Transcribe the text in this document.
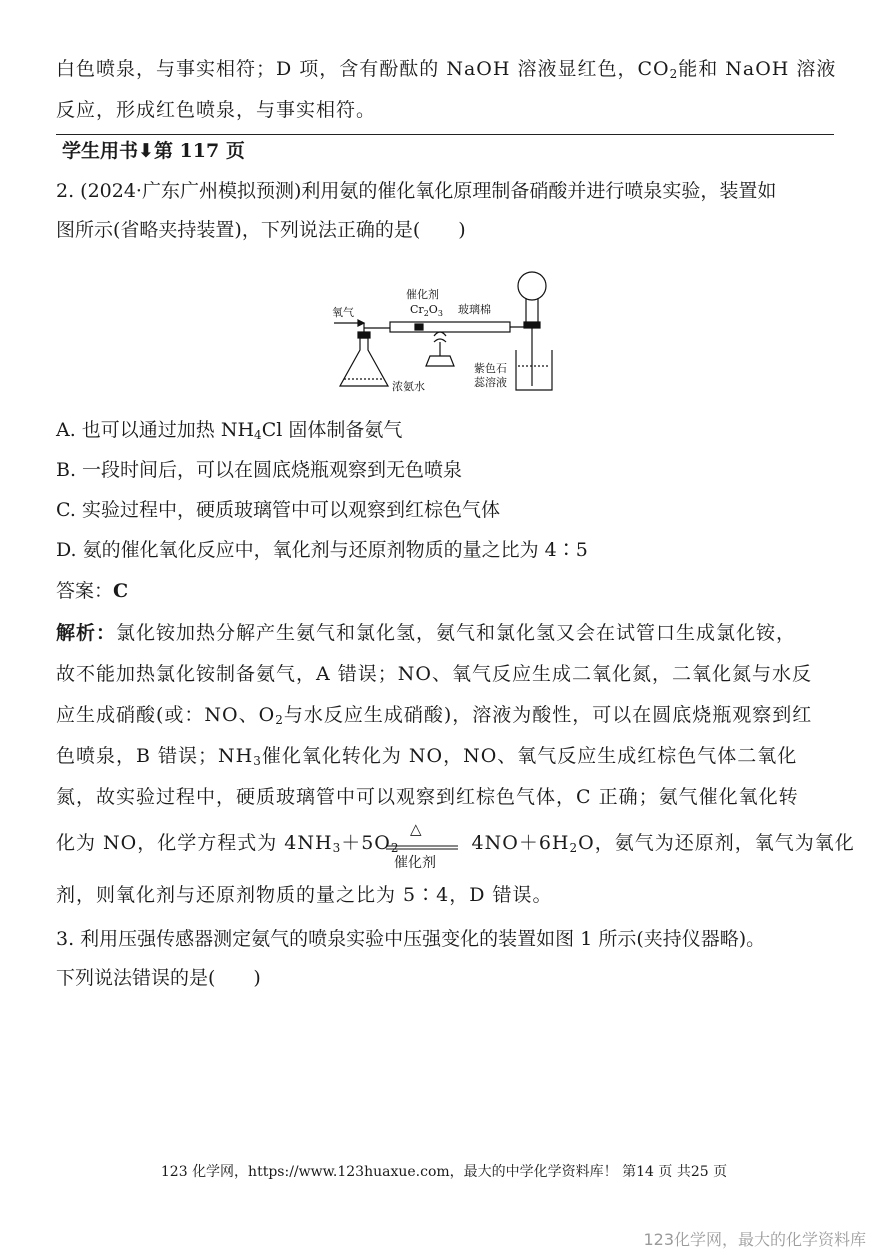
白色喷泉，与事实相符；D 项，含有酚酞的 NaOH 溶液显红色，$CO_2$能和 NaOH 溶液
反应，形成红色喷泉，与事实相符。
学生用书⬇第 117 页
2. (2024·广东广州模拟预测)利用氨的催化氧化原理制备硝酸并进行喷泉实验，装置如
图所示(省略夹持装置)，下列说法正确的是(　　)
氧气
浓氨水
催化剂
$Cr_2O_3$ 玻璃棉
紫色石
蕊溶液
A. 也可以通过加热 $NH_4Cl$ 固体制备氨气
B. 一段时间后，可以在圆底烧瓶观察到无色喷泉
C. 实验过程中，硬质玻璃管中可以观察到红棕色气体
D. 氨的催化氧化反应中，氧化剂与还原剂物质的量之比为 4∶5
答案：C
解析：氯化铵加热分解产生氨气和氯化氢，氨气和氯化氢又会在试管口生成氯化铵，
故不能加热氯化铵制备氨气，A 错误；NO、氧气反应生成二氧化氮，二氧化氮与水反
应生成硝酸(或：NO、$O_2$与水反应生成硝酸)，溶液为酸性，可以在圆底烧瓶观察到红
色喷泉，B 错误；$NH_3$催化氧化转化为 NO，NO、氧气反应生成红棕色气体二氧化
氮，故实验过程中，硬质玻璃管中可以观察到红棕色气体，C 正确；氨气催化氧化转
化为 NO，化学方程式为 $4NH_3+5O_2$	$4NO+6H_2O$，氨气为还原剂，氧气为氧化
△
催化剂
剂，则氧化剂与还原剂物质的量之比为 5∶4，D 错误。
3. 利用压强传感器测定氨气的喷泉实验中压强变化的装置如图 1 所示(夹持仪器略)。
下列说法错误的是(　　)
123 化学网，https://www.123huaxue.com，最大的中学化学资料库！ 第14 页 共25 页
123化学网，最大的化学资料库
